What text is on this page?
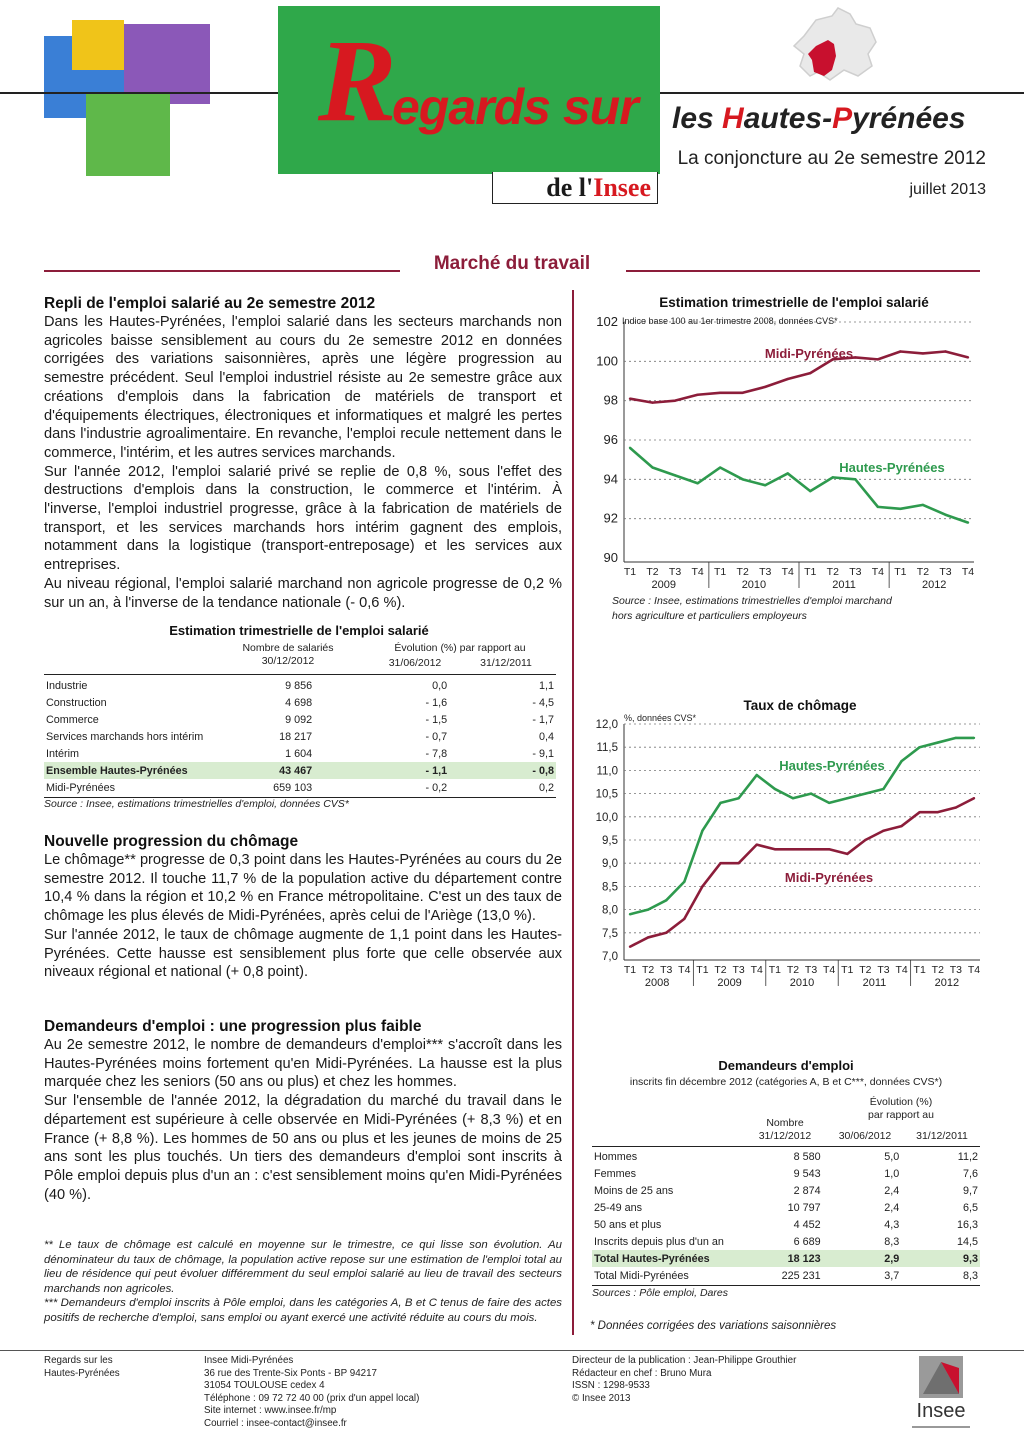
R
egards sur
de l'Insee
les Hautes-Pyrénées
La conjoncture au 2e semestre 2012
juillet 2013
Marché du travail
Repli de l'emploi salarié au 2e semestre 2012

Dans les Hautes-Pyrénées, l'emploi salarié dans les secteurs marchands non agricoles baisse sensiblement au cours du 2e semestre 2012 en données corrigées des variations saisonnières, après une légère progression au semestre précédent. Seul l'emploi industriel résiste au 2e semestre grâce aux créations d'emplois dans la fabrication de matériels de transport et d'équipements électriques, électroniques et informatiques et malgré les pertes dans l'industrie agroalimentaire. En revanche, l'emploi recule nettement dans le commerce, l'intérim, et les autres services marchands.

Sur l'année 2012, l'emploi salarié privé se replie de 0,8 %, sous l'effet des destructions d'emplois dans la construction, le commerce et l'intérim. À l'inverse, l'emploi industriel progresse, grâce à la fabrication de matériels de transport, et les services marchands hors intérim gagnent des emplois, notamment dans la logistique (transport-entreposage) et les services aux entreprises.

Au niveau régional, l'emploi salarié marchand non agricole progresse de 0,2 % sur un an, à l'inverse de la tendance nationale (- 0,6 %).

Estimation trimestrielle de l'emploi salarié
Nombre de salariés
30/12/2012
Évolution (%) par rapport au
31/06/2012	31/12/2011
Industrie	9 856	0,0	1,1
Construction	4 698	- 1,6	- 4,5
Commerce	9 092	- 1,5	- 1,7
Services marchands hors intérim	18 217	- 0,7	0,4
Intérim	1 604	- 7,8	- 9,1
Ensemble Hautes-Pyrénées	43 467	- 1,1	- 0,8
Midi-Pyrénées	659 103	- 0,2	0,2
Source : Insee, estimations trimestrielles d'emploi, données CVS*
Nouvelle progression du chômage

Le chômage** progresse de 0,3 point dans les Hautes-Pyrénées au cours du 2e semestre 2012. Il touche 11,7 % de la population active du département contre 10,4 % dans la région et 10,2 % en France métropolitaine. C'est un des taux de chômage les plus élevés de Midi-Pyrénées, après celui de l'Ariège (13,0 %).

Sur l'année 2012, le taux de chômage augmente de 1,1 point dans les Hautes-Pyrénées. Cette hausse est sensiblement plus forte que celle observée aux niveaux régional et national (+ 0,8 point).

Demandeurs d'emploi : une progression plus faible

Au 2e semestre 2012, le nombre de demandeurs d'emploi*** s'accroît dans les Hautes-Pyrénées moins fortement qu'en Midi-Pyrénées. La hausse est la plus marquée chez les seniors (50 ans ou plus) et chez les hommes.

Sur l'ensemble de l'année 2012, la dégradation du marché du travail dans le département est supérieure à celle observée en Midi-Pyrénées (+ 8,3 %) et en France (+ 8,8 %). Les hommes de 50 ans ou plus et les jeunes de moins de 25 ans sont les plus touchés. Un tiers des demandeurs d'emploi sont inscrits à Pôle emploi depuis plus d'un an : c'est sensiblement moins qu'en Midi-Pyrénées (40 %).

** Le taux de chômage est calculé en moyenne sur le trimestre, ce qui lisse son évolution. Au dénominateur du taux de chômage, la population active repose sur une estimation de l'emploi total au lieu de résidence qui peut évoluer différemment du seul emploi salarié au lieu de travail des secteurs marchands non agricoles.

*** Demandeurs d'emploi inscrits à Pôle emploi, dans les catégories A, B et C tenus de faire des actes positifs de recherche d'emploi, sans emploi ou ayant exercé une activité réduite au cours du mois.

Estimation trimestrielle de l'emploi salarié
90
92
94
96
98
100
102
T1 T2 T3 T4 T1 T2 T3 T4 T1 T2 T3 T4 T1 T2 T3 T4
2009	2010	2011	2012
Midi-Pyrénées
Hautes-Pyrénées
Indice base 100 au 1er trimestre 2008, données CVS*
Source : Insee, estimations trimestrielles d'emploi marchand
hors agriculture et particuliers employeurs
Taux de chômage
7,0
7,5
8,0
8,5
9,0
9,5
10,0
10,5
11,0
11,5
12,0
T1 T2 T3 T4 T1 T2 T3 T4 T1 T2 T3 T4 T1 T2 T3 T4 T1 T2 T3 T4
2008	2009	2010	2011	2012
Hautes-Pyrénées
Midi-Pyrénées
%, données CVS*
Demandeurs d'emploi
inscrits fin décembre 2012 (catégories A, B et C***, données CVS*)
Évolution (%)
par rapport au
Nombre
31/12/2012	30/06/2012	31/12/2011
Hommes	8 580	5,0	11,2
Femmes	9 543	1,0	7,6
Moins de 25 ans	2 874	2,4	9,7
25-49 ans	10 797	2,4	6,5
50 ans et plus	4 452	4,3	16,3
Inscrits depuis plus d'un an	6 689	8,3	14,5
Total Hautes-Pyrénées	18 123	2,9	9,3
Total Midi-Pyrénées	225 231	3,7	8,3
Sources : Pôle emploi, Dares
* Données corrigées des variations saisonnières
Regards sur les
Hautes-Pyrénées
Insee Midi-Pyrénées
36 rue des Trente-Six Ponts - BP 94217
31054 TOULOUSE cedex 4
Téléphone : 09 72 72 40 00 (prix d'un appel local)
Site internet : www.insee.fr/mp
Courriel : insee-contact@insee.fr
Directeur de la publication : Jean-Philippe Grouthier
Rédacteur en chef : Bruno Mura
ISSN : 1298-9533
© Insee 2013
Insee
